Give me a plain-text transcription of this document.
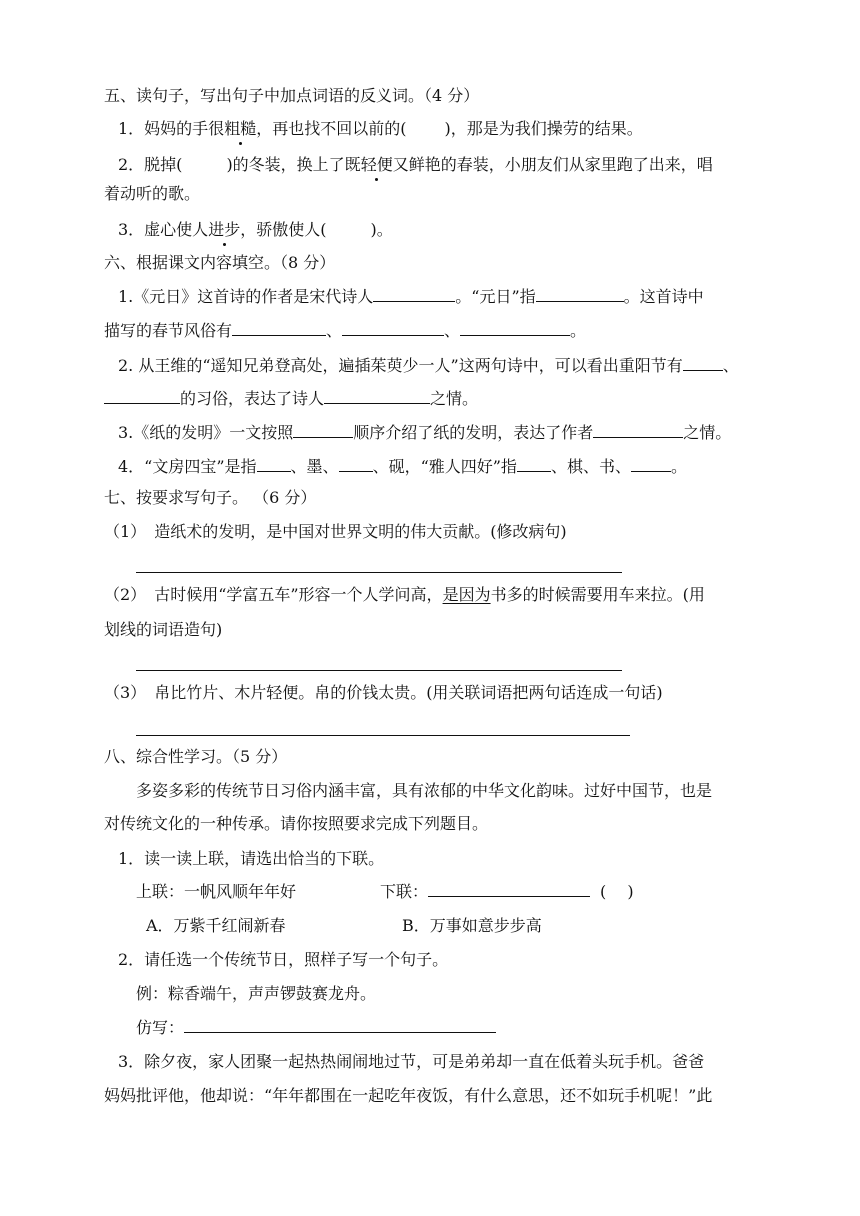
五、读句子，写出句子中加点词语的反义词。（4 分）
1．妈妈的手很粗糙，再也找不回以前的( )，那是为我们操劳的结果。
2．脱掉(	)的冬装，换上了既轻便又鲜艳的春装，小朋友们从家里跑了出来，唱
着动听的歌。
3．虚心使人进步，骄傲使人(	)。
六、根据课文内容填空。（8 分）
1.《元日》这首诗的作者是宋代诗人	。“元日”指	。这首诗中
描写的春节风俗有	、	、	。
2. 从王维的“遥知兄弟登高处，遍插茱萸少一人”这两句诗中，可以看出重阳节有	、
的习俗，表达了诗人	之情。
3.《纸的发明》一文按照	顺序介绍了纸的发明，表达了作者	之情。
4．“文房四宝”是指 、墨、 、砚，“雅人四好”指 、棋、书、	。
七、按要求写句子。 （6 分）
（1） 造纸术的发明，是中国对世界文明的伟大贡献。(修改病句)
（2） 古时候用“学富五车”形容一个人学问高，是因为书多的时候需要用车来拉。(用
划线的词语造句)
（3） 帛比竹片、木片轻便。帛的价钱太贵。(用关联词语把两句话连成一句话)
八、综合性学习。（5 分）
多姿多彩的传统节日习俗内涵丰富，具有浓郁的中华文化韵味。过好中国节，也是
对传统文化的一种传承。请你按照要求完成下列题目。
1．读一读上联，请选出恰当的下联。
上联：一帆风顺年年好	下联：	(　 )
A．万紫千红闹新春	B．万事如意步步高
2．请任选一个传统节日，照样子写一个句子。
例：粽香端午，声声锣鼓赛龙舟。
仿写：
3．除夕夜，家人团聚一起热热闹闹地过节，可是弟弟却一直在低着头玩手机。爸爸
妈妈批评他，他却说：“年年都围在一起吃年夜饭，有什么意思，还不如玩手机呢！”此
